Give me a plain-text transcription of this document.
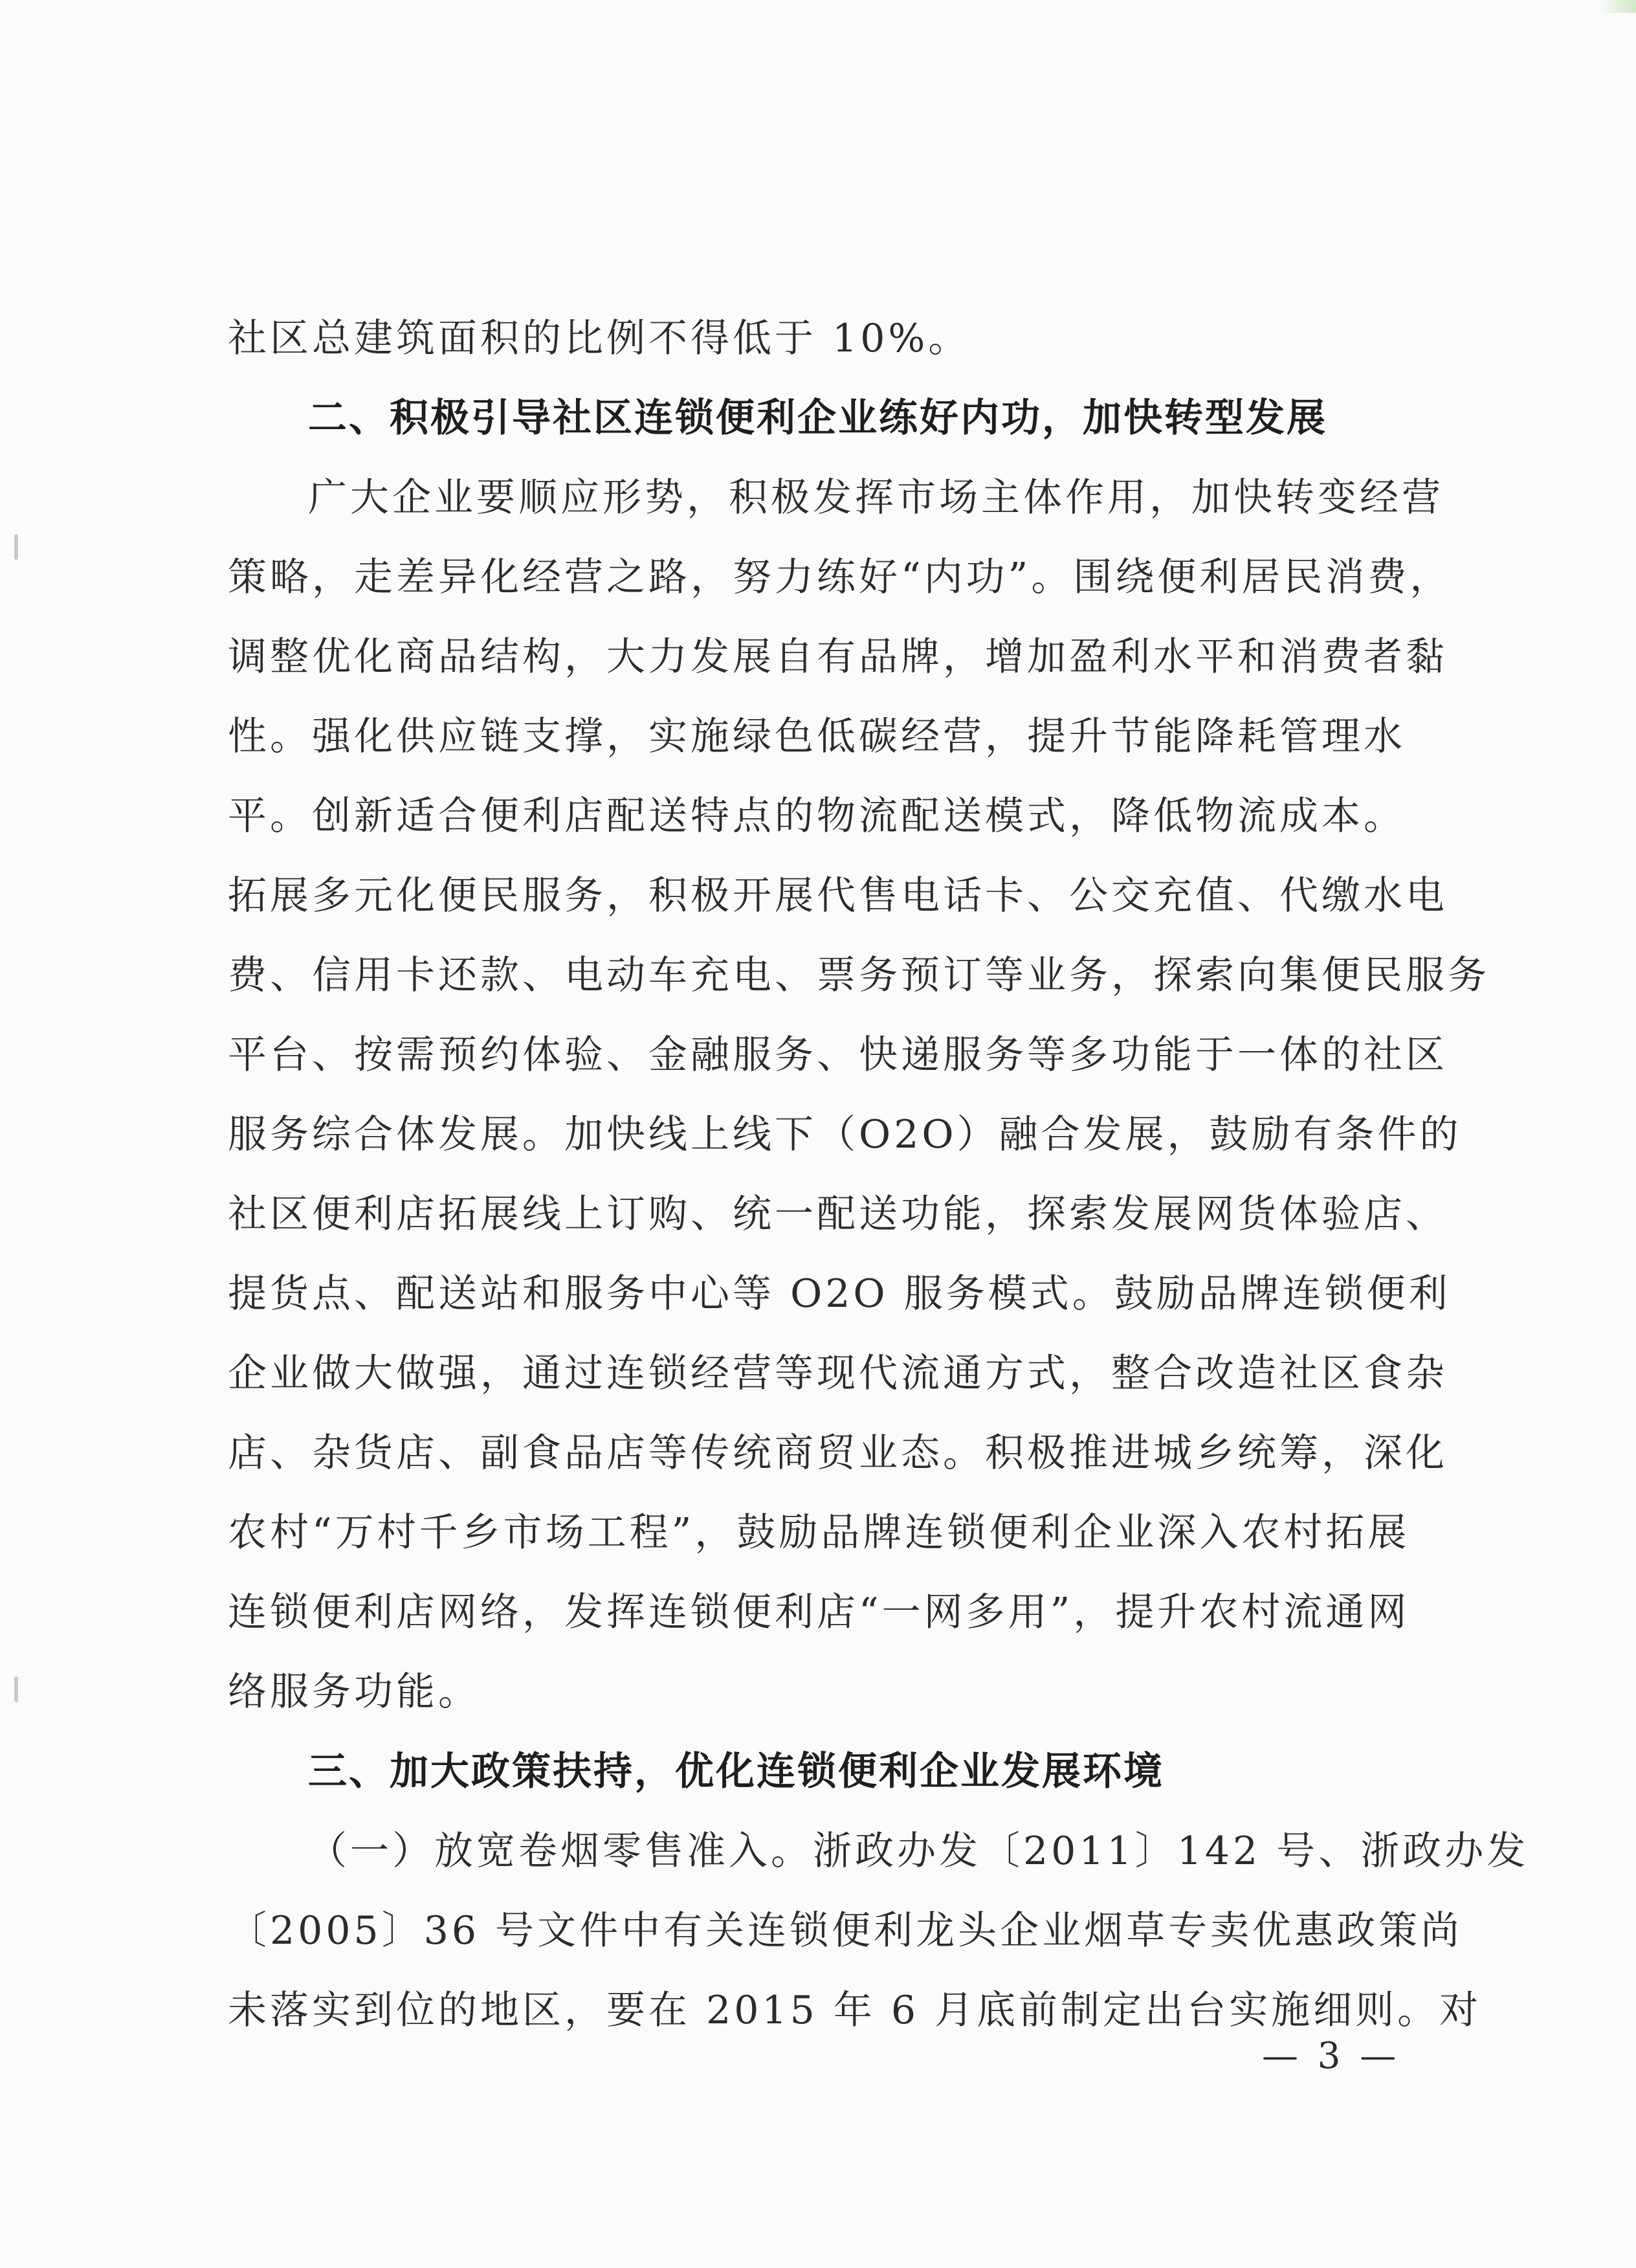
社区总建筑面积的比例不得低于 10%。
二、积极引导社区连锁便利企业练好内功，加快转型发展
广大企业要顺应形势，积极发挥市场主体作用，加快转变经营
策略，走差异化经营之路，努力练好“内功”。围绕便利居民消费，
调整优化商品结构，大力发展自有品牌，增加盈利水平和消费者黏
性。强化供应链支撑，实施绿色低碳经营，提升节能降耗管理水
平。创新适合便利店配送特点的物流配送模式，降低物流成本。
拓展多元化便民服务，积极开展代售电话卡、公交充值、代缴水电
费、信用卡还款、电动车充电、票务预订等业务，探索向集便民服务
平台、按需预约体验、金融服务、快递服务等多功能于一体的社区
服务综合体发展。加快线上线下（O2O）融合发展，鼓励有条件的
社区便利店拓展线上订购、统一配送功能，探索发展网货体验店、
提货点、配送站和服务中心等 O2O 服务模式。鼓励品牌连锁便利
企业做大做强，通过连锁经营等现代流通方式，整合改造社区食杂
店、杂货店、副食品店等传统商贸业态。积极推进城乡统筹，深化
农村“万村千乡市场工程”，鼓励品牌连锁便利企业深入农村拓展
连锁便利店网络，发挥连锁便利店“一网多用”，提升农村流通网
络服务功能。
三、加大政策扶持，优化连锁便利企业发展环境
（一）放宽卷烟零售准入。浙政办发〔2011〕142 号、浙政办发
〔2005〕36 号文件中有关连锁便利龙头企业烟草专卖优惠政策尚
未落实到位的地区，要在 2015 年 6 月底前制定出台实施细则。对
— 3 —
